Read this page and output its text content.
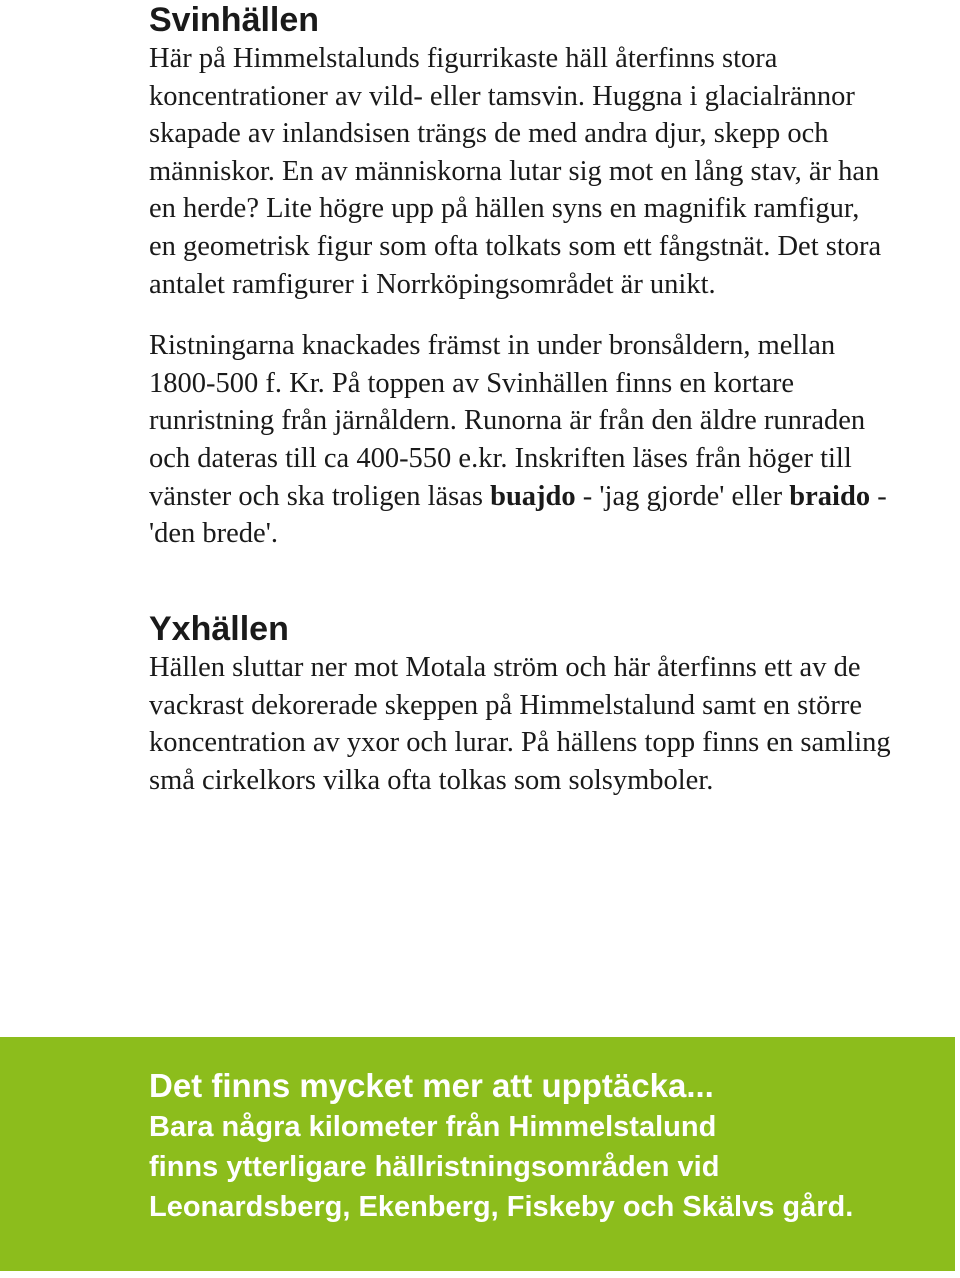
Svinhällen

Här på Himmelstalunds figurrikaste häll återfinns stora
koncentrationer av vild- eller tamsvin. Huggna i glacialrännor
skapade av inlandsisen trängs de med andra djur, skepp och
människor. En av människorna lutar sig mot en lång stav, är han
en herde? Lite högre upp på hällen syns en magnifik ramfigur,
en geometrisk figur som ofta tolkats som ett fångstnät. Det stora
antalet ramfigurer i Norrköpingsområdet är unikt.

Ristningarna knackades främst in under bronsåldern, mellan
1800-500 f. Kr. På toppen av Svinhällen finns en kortare
runristning från järnåldern. Runorna är från den äldre runraden
och dateras till ca 400-550 e.kr. Inskriften läses från höger till
vänster och ska troligen läsas buajdo - 'jag gjorde' eller braido -
'den brede'.

Yxhällen

Hällen sluttar ner mot Motala ström och här återfinns ett av de
vackrast dekorerade skeppen på Himmelstalund samt en större
koncentration av yxor och lurar. På hällens topp finns en samling
små cirkelkors vilka ofta tolkas som solsymboler.

Det finns mycket mer att upptäcka...

Bara några kilometer från Himmelstalund
finns ytterligare hällristningsområden vid
Leonardsberg, Ekenberg, Fiskeby och Skälvs gård.
